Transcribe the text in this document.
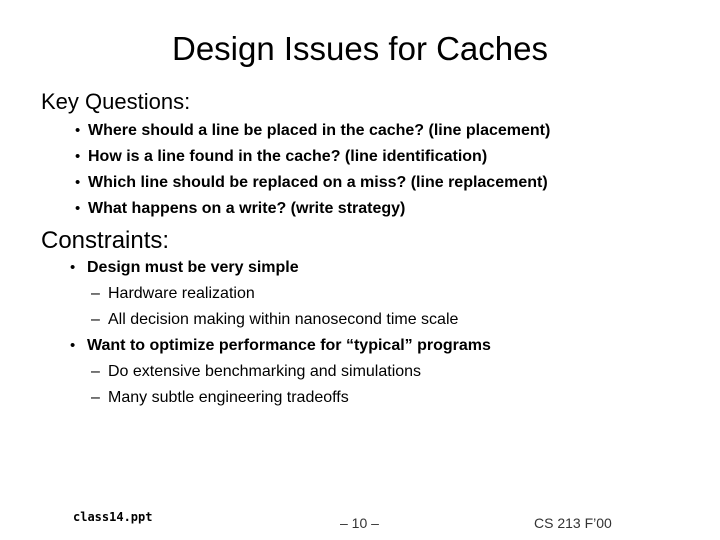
Design Issues for Caches
Key Questions:
• Where should a line be placed in the cache? (line placement)
• How is a line found in the cache? (line identification)
• Which line should be replaced on a miss? (line replacement)
• What happens on a write? (write strategy)
Constraints:
• Design must be very simple
– Hardware realization
– All decision making within nanosecond time scale
• Want to optimize performance for “typical” programs
– Do extensive benchmarking and simulations
– Many subtle engineering tradeoffs

class14.ppt	– 10 –	CS 213 F’00
